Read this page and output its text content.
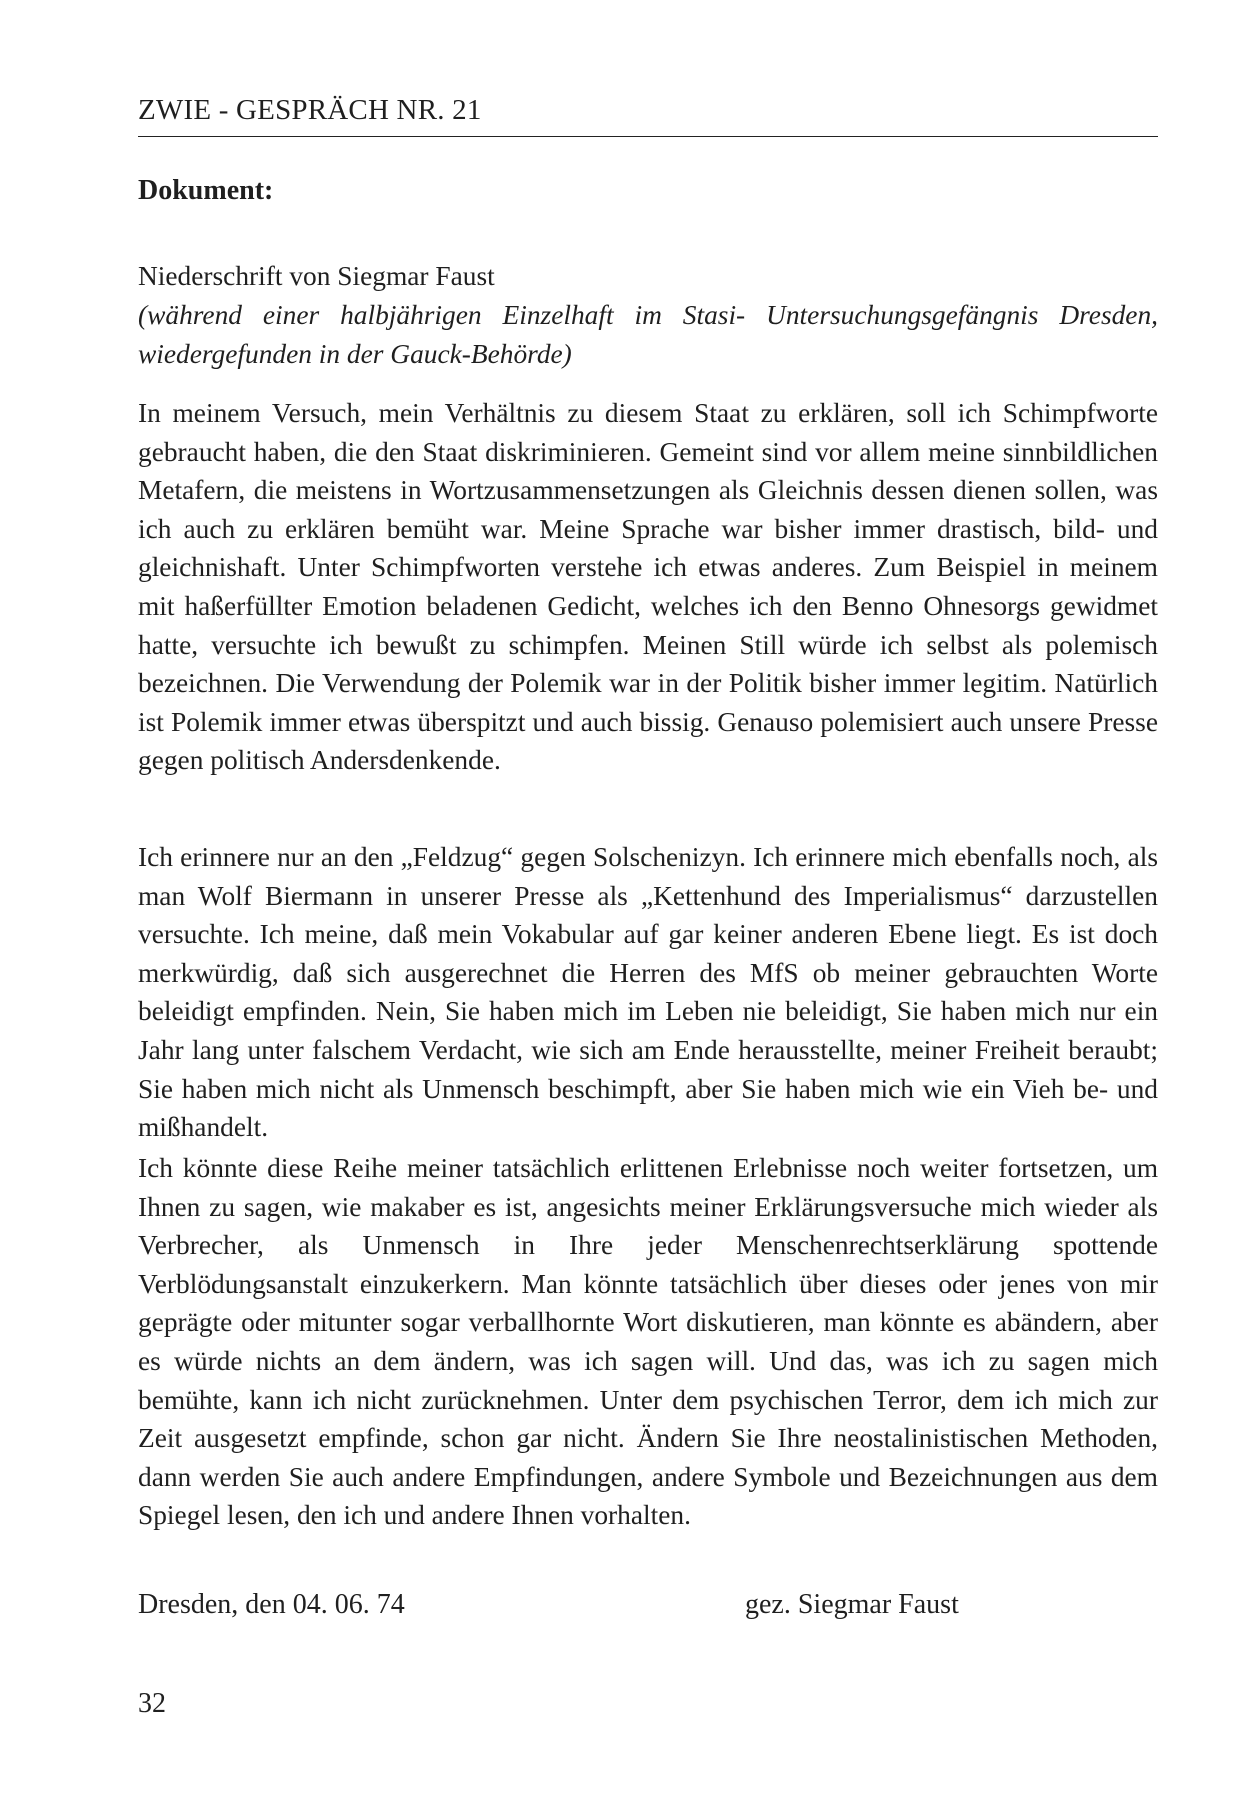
ZWIE - GESPRÄCH NR. 21
Dokument:

Niederschrift von Siegmar Faust

(während einer halbjährigen Einzelhaft im Stasi- Untersuchungsgefängnis Dresden, wiedergefunden in der Gauck-Behörde)

In meinem Versuch, mein Verhältnis zu diesem Staat zu erklären, soll ich Schimpfworte gebraucht haben, die den Staat diskriminieren. Gemeint sind vor allem meine sinnbildlichen Metafern, die meistens in Wortzusammensetzungen als Gleichnis dessen dienen sollen, was ich auch zu erklären bemüht war. Meine Sprache war bisher immer drastisch, bild- und gleichnishaft. Unter Schimpfworten verstehe ich etwas anderes. Zum Beispiel in meinem mit haßerfüllter Emotion beladenen Gedicht, welches ich den Benno Ohnesorgs gewidmet hatte, versuchte ich bewußt zu schimpfen. Meinen Still würde ich selbst als polemisch bezeichnen. Die Verwendung der Polemik war in der Politik bisher immer legitim. Natürlich ist Polemik immer etwas überspitzt und auch bissig. Genauso polemisiert auch unsere Presse gegen politisch Andersdenkende.

Ich erinnere nur an den „Feldzug“ gegen Solschenizyn. Ich erinnere mich ebenfalls noch, als man Wolf Biermann in unserer Presse als „Kettenhund des Imperialismus“ darzustellen versuchte. Ich meine, daß mein Vokabular auf gar keiner anderen Ebene liegt. Es ist doch merkwürdig, daß sich ausgerechnet die Herren des MfS ob meiner gebrauchten Worte beleidigt empfinden. Nein, Sie haben mich im Leben nie beleidigt, Sie haben mich nur ein Jahr lang unter falschem Verdacht, wie sich am Ende herausstellte, meiner Freiheit beraubt; Sie haben mich nicht als Unmensch beschimpft, aber Sie haben mich wie ein Vieh be- und mißhandelt.

Ich könnte diese Reihe meiner tatsächlich erlittenen Erlebnisse noch weiter fortsetzen, um Ihnen zu sagen, wie makaber es ist, angesichts meiner Erklärungsversuche mich wieder als Verbrecher, als Unmensch in Ihre jeder Menschenrechtserklärung spottende Verblödungsanstalt einzukerkern. Man könnte tatsächlich über dieses oder jenes von mir geprägte oder mitunter sogar verballhornte Wort diskutieren, man könnte es abändern, aber es würde nichts an dem ändern, was ich sagen will. Und das, was ich zu sagen mich bemühte, kann ich nicht zurücknehmen. Unter dem psychischen Terror, dem ich mich zur Zeit ausgesetzt empfinde, schon gar nicht. Ändern Sie Ihre neostalinistischen Methoden, dann werden Sie auch andere Empfindungen, andere Symbole und Bezeichnungen aus dem Spiegel lesen, den ich und andere Ihnen vorhalten.

Dresden, den 04. 06. 74	gez. Siegmar Faust
32
